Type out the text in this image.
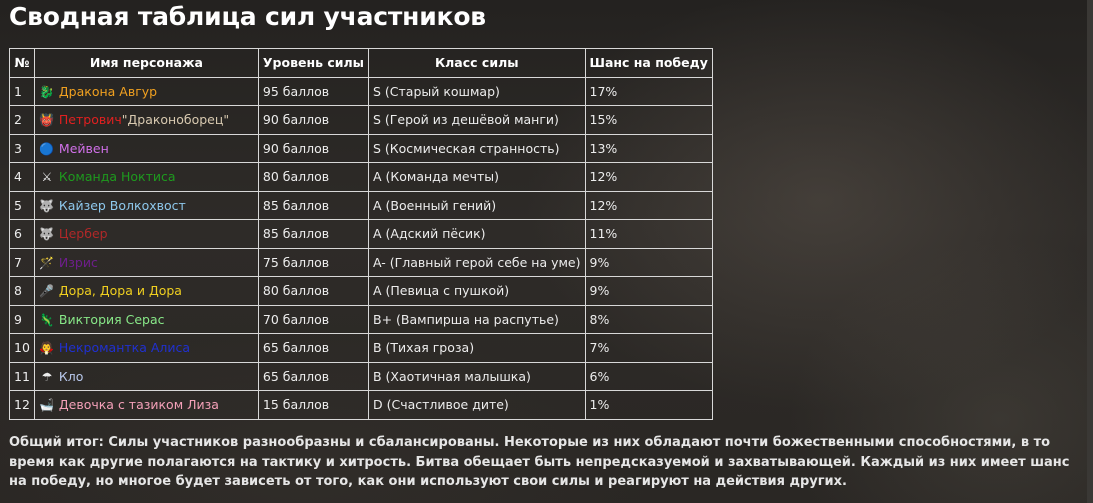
Сводная таблица сил участников
№	Имя персонажа	Уровень силы	Класс силы	Шанс на победу
1	🐉 Дракона Авгур	95 баллов	S (Старый кошмар)	17%
2	👹 Петрович"Драконоборец"	90 баллов	S (Герой из дешёвой манги)	15%
3	🔵 Мейвен	90 баллов	S (Космическая странность)	13%
4	⚔ Команда Ноктиса	80 баллов	A (Команда мечты)	12%
5	🐺 Кайзер Волкохвост	85 баллов	A (Военный гений)	12%
6	🐺 Цербер	85 баллов	A (Адский пёсик)	11%
7	🪄 Изрис	75 баллов	A- (Главный герой себе на уме)	9%
8	🎤 Дора, Дора и Дора	80 баллов	A (Певица с пушкой)	9%
9	🦎 Виктория Серас	70 баллов	B+ (Вампирша на распутье)	8%
10	🧛 Некромантка Алиса	65 баллов	B (Тихая гроза)	7%
11	☂ Кло	65 баллов	B (Хаотичная малышка)	6%
12	🛁 Девочка с тазиком Лиза	15 баллов	D (Счастливое дите)	1%

Общий итог: Силы участников разнообразны и сбалансированы. Некоторые из них обладают почти божественными способностями, в то время как другие полагаются на тактику и хитрость. Битва обещает быть непредсказуемой и захватывающей. Каждый из них имеет шанс на победу, но многое будет зависеть от того, как они используют свои силы и реагируют на действия других.
